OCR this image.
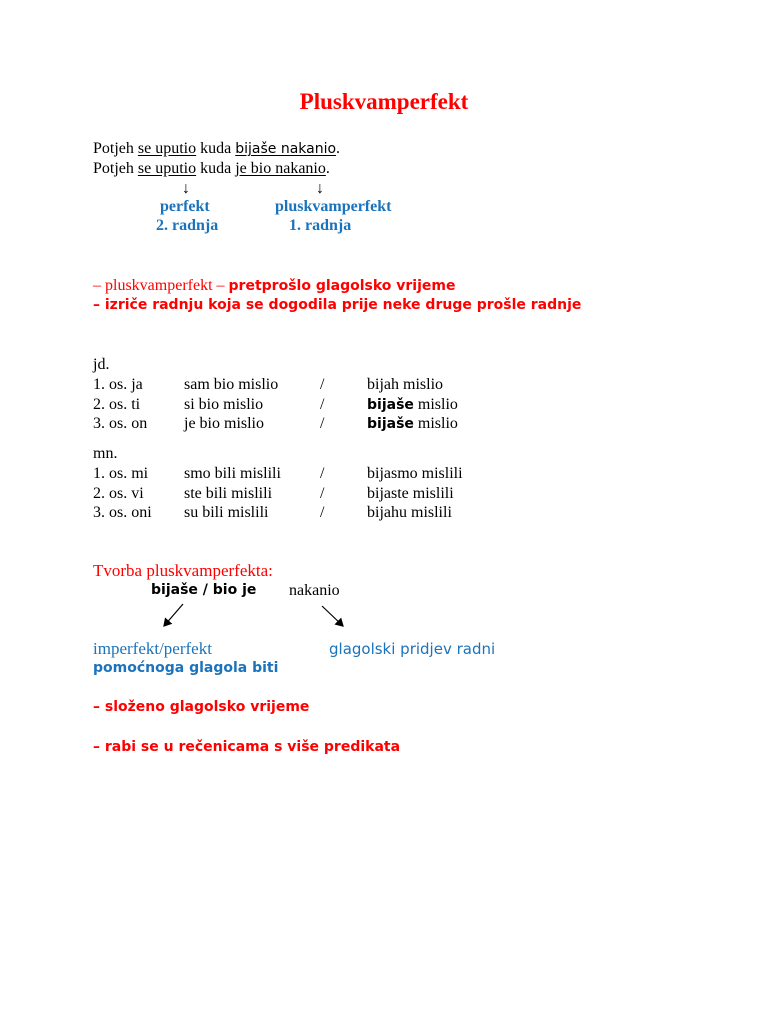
Pluskvamperfekt
Potjeh se uputio kuda bijaše nakanio.
Potjeh se uputio kuda je bio nakanio.
↓	↓
perfekt
2. radnja
pluskvamperfekt
1. radnja
– pluskvamperfekt – pretprošlo glagolsko vrijeme
– izriče radnju koja se dogodila prije neke druge prošle radnje
jd.
1. os. ja	sam bio mislio	/	bijah mislio
2. os. ti	si bio mislio	/	bijaše mislio
3. os. on je bio mislio	/	bijaše mislio
mn.
1. os. mi smo bili mislili /	bijasmo mislili
2. os. vi	ste bili mislili	/	bijaste mislili
3. os. oni su bili mislili	/	bijahu mislili
Tvorba pluskvamperfekta:
bijaše / bio je nakanio
imperfekt/perfekt
pomoćnoga glagola biti
glagolski pridjev radni
– složeno glagolsko vrijeme
– rabi se u rečenicama s više predikata
